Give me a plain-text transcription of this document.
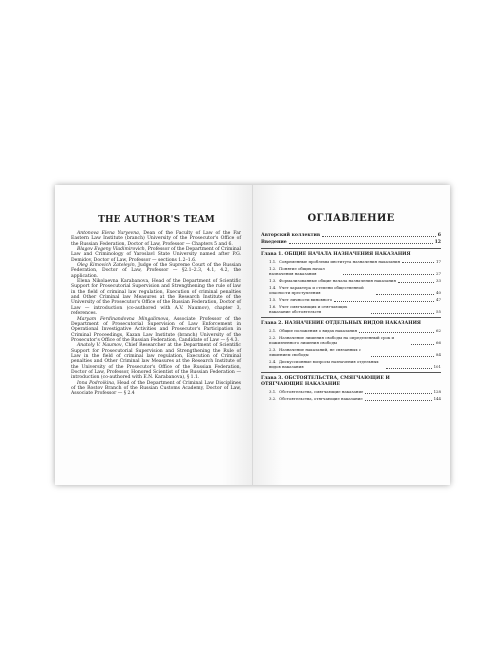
THE AUTHOR'S TEAM
Antonova Elena Yuryevna, Dean of the Faculty of Law of the Far Eastern Law Institute (branch) University of the Prosecutor's Office of the Russian Federation, Doctor of Law, Professor — Chapters 5 and 6.
Blagov Evgeny Vladimirovich, Professor of the Department of Criminal Law and Criminology of Yaroslavl State University named after P.G. Demidov, Doctor of Law, Professor — sections 1.2–1.6.
Oleg Kimovich Zateleyin, Judge of the Supreme Court of the Russian Federation, Doctor of Law, Professor — §2.1–2.3, 4.1, 4.2, the application.
Elena Nikolaevna Karabanova, Head of the Department of Scientific Support for Prosecutorial Supervision and Strengthening the rule of law in the field of criminal law regulation, Execution of criminal penalties and Other Criminal law Measures at the Research Institute of the University of the Prosecutor's Office of the Russian Federation, Doctor of Law — introduction (co-authored with A.V. Naumov), chapter 3, references.
Maryam Ferdinandovna Mingalimova, Associate Professor of the Department of Prosecutorial Supervision of Law Enforcement in Operational Investigative Activities and Prosecutor's Participation in Criminal Proceedings, Kazan Law Institute (branch) University of the Prosecutor's Office of the Russian Federation, Candidate of Law — § 4.3.
Anatoly V. Naumov, Chief Researcher at the Department of Scientific Support for Prosecutorial Supervision and Strengthening the Rule of Law in the field of criminal law regulation, Execution of Criminal penalties and Other Criminal law Measures at the Research Institute of the University of the Prosecutor's Office of the Russian Federation, Doctor of Law, Professor, Honored Scientist of the Russian Federation — introduction (co-authored with E.N. Karabanova), § 1.1.
Inna Podroikina, Head of the Department of Criminal Law Disciplines of the Rostov Branch of the Russian Customs Academy, Doctor of Law, Associate Professor — § 2.4
ОГЛАВЛЕНИЕ
Авторский коллектив	6
Введение	12
Глава 1. ОБЩИЕ НАЧАЛА НАЗНАЧЕНИЯ НАКАЗАНИЯ
1.1. Современные проблемы института назначения наказания	17
1.2. Понятие общих начал назначения наказания	27
1.3. Формализованные общие начала назначения наказания	33
1.4. Учет характера и степени общественной опасности преступления	40
1.5. Учет личности виновного	47
1.6. Учет смягчающих и отягчающих наказание обстоятельств	55
Глава 2. НАЗНАЧЕНИЕ ОТДЕЛЬНЫХ ВИДОВ НАКАЗАНИЯ
2.1. Общие положения о видах наказания	62
2.2. Назначение лишения свободы на определенный срок и пожизненного лишения свободы	66
2.3. Назначение наказаний, не связанных с лишением свободы	84
2.4. Дискуссионные вопросы назначения отдельных видов наказания	101
Глава 3. ОБСТОЯТЕЛЬСТВА, СМЯГЧАЮЩИЕ И ОТЯГЧАЮЩИЕ НАКАЗАНИЕ
3.1. Обстоятельства, смягчающие наказание	128
3.2. Обстоятельства, отягчающие наказание	144
